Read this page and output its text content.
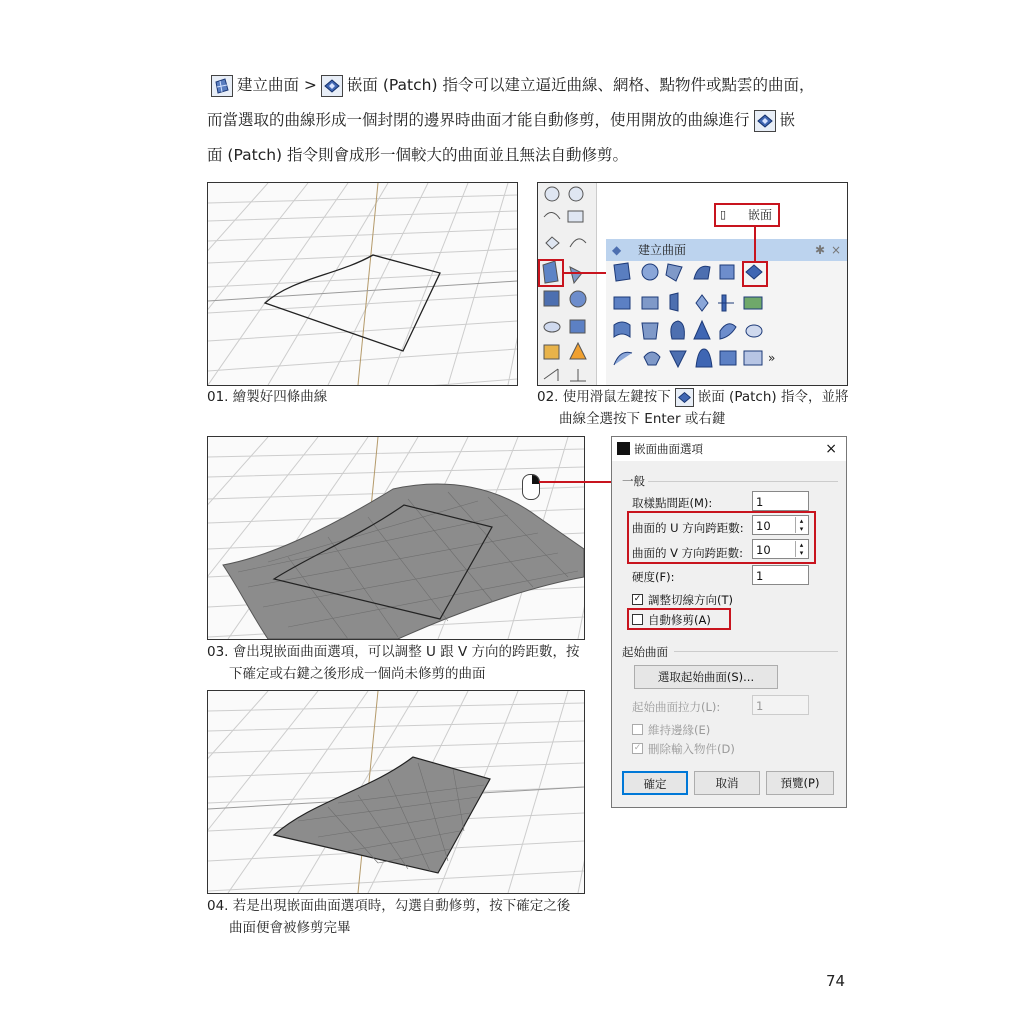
建立曲面 > 嵌面 (Patch) 指令可以建立逼近曲線、網格、點物件或點雲的曲面，
而當選取的曲線形成一個封閉的邊界時曲面才能自動修剪，使用開放的曲線進行 嵌
面 (Patch) 指令則會成形一個較大的曲面並且無法自動修剪。
01. 繪製好四條曲線
◆ 建立曲面	✱ ×
»
▯ 嵌面
02. 使用滑鼠左鍵按下 嵌面 (Patch) 指令，並將
曲線全選按下 Enter 或右鍵
03. 會出現嵌面曲面選項，可以調整 U 跟 V 方向的跨距數，按
下確定或右鍵之後形成一個尚未修剪的曲面
嵌面曲面選項	×
一般
取樣點間距(M):	1
曲面的 U 方向跨距數:	10	▴
▾
曲面的 V 方向跨距數:	10	▴
▾
硬度(F):	1
✓ 調整切線方向(T)
自動修剪(A)
起始曲面
選取起始曲面(S)...
起始曲面拉力(L):	1
維持邊緣(E)
✓ 刪除輸入物件(D)
確定	取消	預覽(P)
04. 若是出現嵌面曲面選項時，勾選自動修剪，按下確定之後
曲面便會被修剪完畢
74
